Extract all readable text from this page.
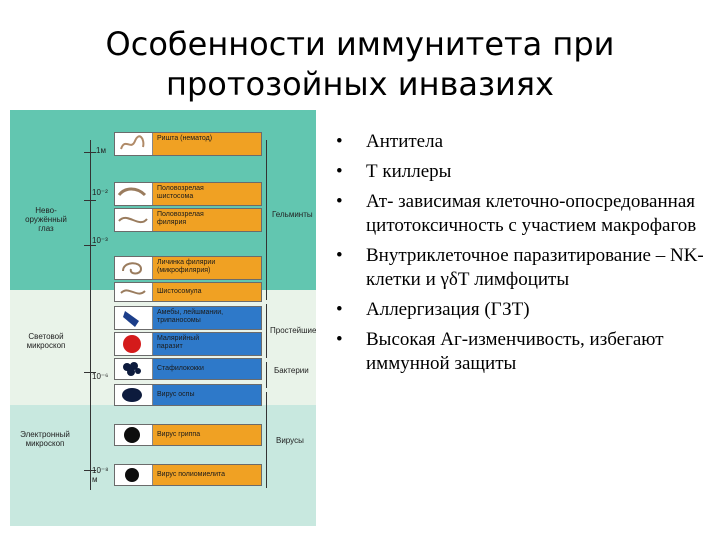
Особенности иммунитета при протозойных инвазиях
1м
10⁻²
10⁻³
10⁻⁶
10⁻⁸
м
Нево-
оружённый
глаз
Световой
микроскоп
Электронный
микроскоп
Гельминты
Простейшие
Бактерии
Вирусы
Ришта (нематод)
Половозрелая
шистосома
Половозрелая
филярия
Личинка филярии
(микрофилярия)
Шистосомула
Амебы, лейшмании,
трипаносомы
Малярийный
паразит
Стафилококки
Вирус оспы
Вирус гриппа
Вирус полиомиелита
• Антитела
• Т киллеры
• Ат- зависимая клеточно-опосредованная цитотоксичность с участием макрофагов
• Внутриклеточное паразитирование – NK-клетки и γδТ лимфоциты
• Аллергизация (ГЗТ)
• Высокая Аг-изменчивость, избегают иммунной защиты
